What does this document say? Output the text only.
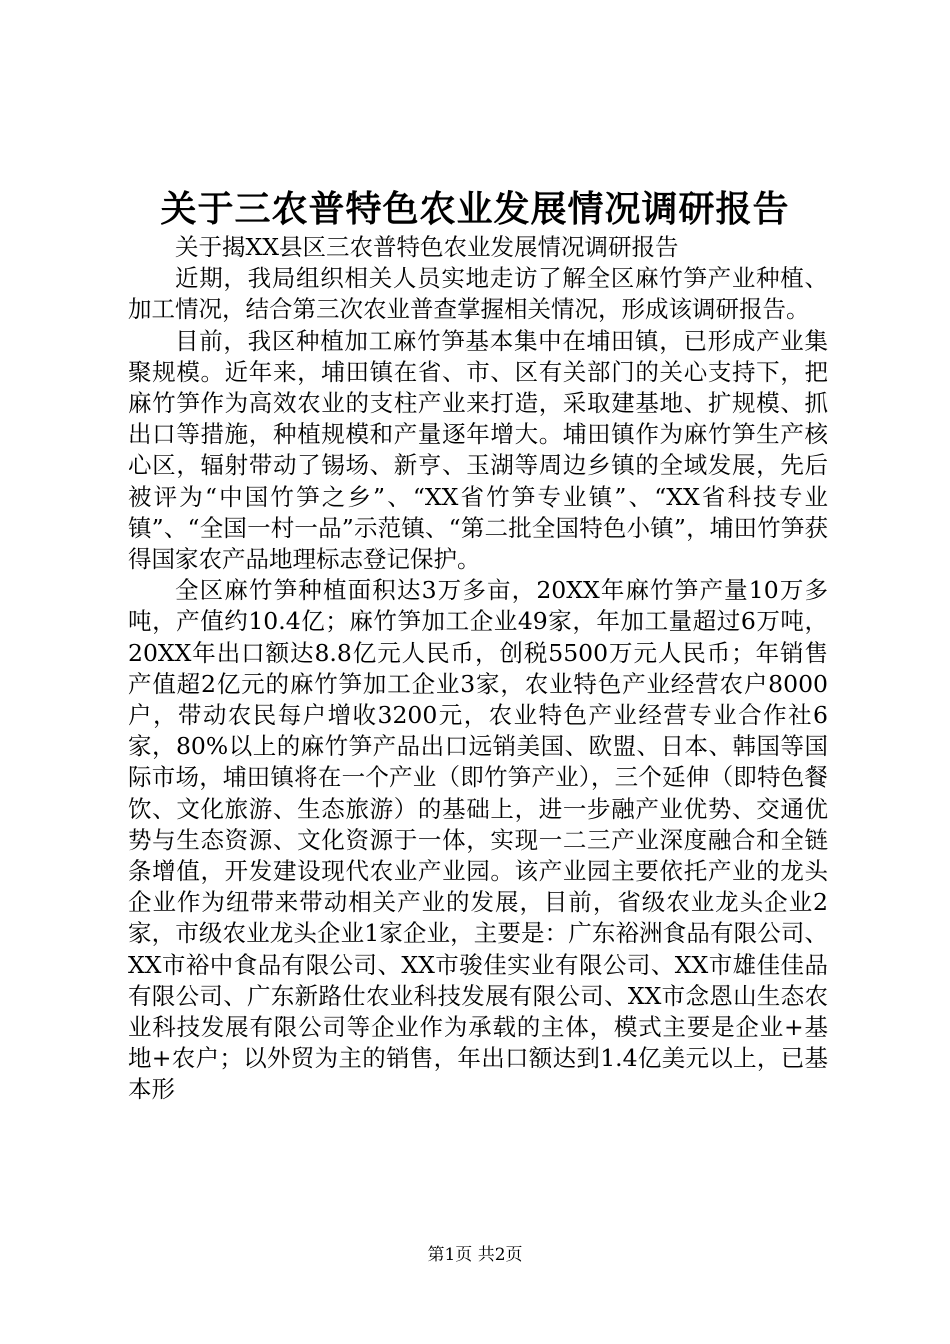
关于三农普特色农业发展情况调研报告

关于揭XX县区三农普特色农业发展情况调研报告

近期，我局组织相关人员实地走访了解全区麻竹笋产业种植、加工情况，结合第三次农业普查掌握相关情况，形成该调研报告。

目前，我区种植加工麻竹笋基本集中在埔田镇，已形成产业集聚规模。近年来，埔田镇在省、市、区有关部门的关心支持下，把麻竹笋作为高效农业的支柱产业来打造，采取建基地、扩规模、抓出口等措施，种植规模和产量逐年增大。埔田镇作为麻竹笋生产核心区，辐射带动了锡场、新亨、玉湖等周边乡镇的全域发展，先后被评为“中国竹笋之乡”、“XX省竹笋专业镇”、“XX省科技专业镇”、“全国一村一品”示范镇、“第二批全国特色小镇”，埔田竹笋获得国家农产品地理标志登记保护。

全区麻竹笋种植面积达3万多亩，20XX年麻竹笋产量10万多吨，产值约10.4亿；麻竹笋加工企业49家，年加工量超过6万吨，20XX年出口额达8.8亿元人民币，创税5500万元人民币；年销售产值超2亿元的麻竹笋加工企业3家，农业特色产业经营农户8000户，带动农民每户增收3200元，农业特色产业经营专业合作社6家，80%以上的麻竹笋产品出口远销美国、欧盟、日本、韩国等国际市场，埔田镇将在一个产业（即竹笋产业），三个延伸（即特色餐饮、文化旅游、生态旅游）的基础上，进一步融产业优势、交通优势与生态资源、文化资源于一体，实现一二三产业深度融合和全链条增值，开发建设现代农业产业园。该产业园主要依托产业的龙头企业作为纽带来带动相关产业的发展，目前，省级农业龙头企业2家，市级农业龙头企业1家企业，主要是：广东裕洲食品有限公司、XX市裕中食品有限公司、XX市骏佳实业有限公司、XX市雄佳佳品有限公司、广东新路仕农业科技发展有限公司、XX市念恩山生态农业科技发展有限公司等企业作为承载的主体，模式主要是企业+基地+农户；以外贸为主的销售，年出口额达到1.4亿美元以上，已基本形

第1页 共2页
